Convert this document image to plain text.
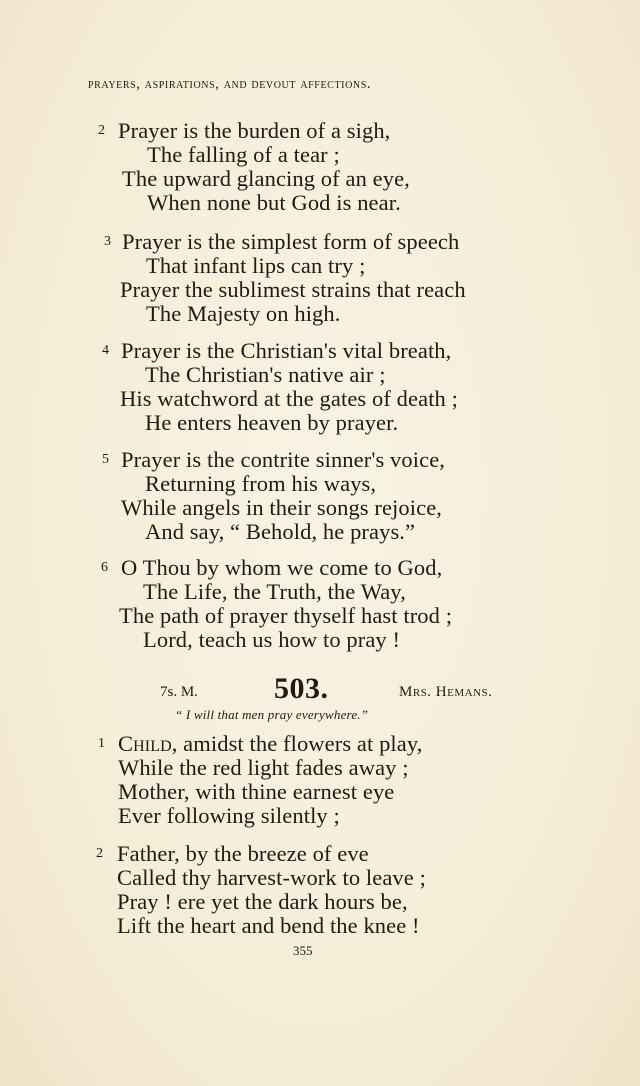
prayers, aspirations, and devout affections.
2 Prayer is the burden of a sigh,
The falling of a tear ;
The upward glancing of an eye,
When none but God is near.
3 Prayer is the simplest form of speech
That infant lips can try ;
Prayer the sublimest strains that reach
The Majesty on high.
4 Prayer is the Christian's vital breath,
The Christian's native air ;
His watchword at the gates of death ;
He enters heaven by prayer.
5 Prayer is the contrite sinner's voice,
Returning from his ways,
While angels in their songs rejoice,
And say, “ Behold, he prays.”
6 O Thou by whom we come to God,
The Life, the Truth, the Way,
The path of prayer thyself hast trod ;
Lord, teach us how to pray !
7s. M.	503.	Mrs. Hemans.
“ I will that men pray everywhere.”
1 Child, amidst the flowers at play,
While the red light fades away ;
Mother, with thine earnest eye
Ever following silently ;
2 Father, by the breeze of eve
Called thy harvest-work to leave ;
Pray ! ere yet the dark hours be,
Lift the heart and bend the knee !
355
